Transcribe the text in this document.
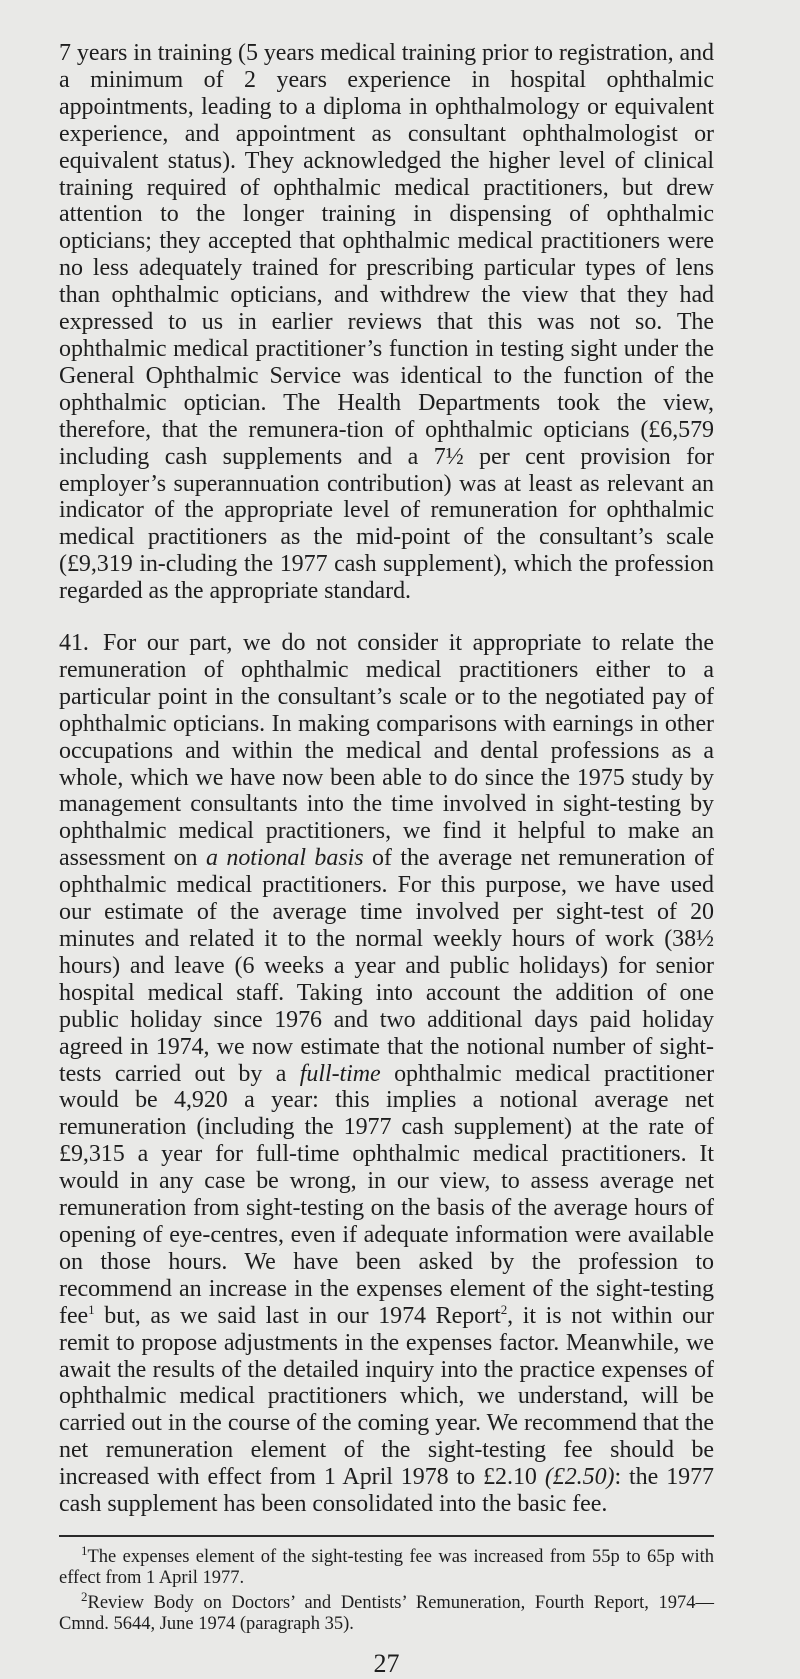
7 years in training (5 years medical training prior to registration, and a minimum of 2 years experience in hospital ophthalmic appointments, leading to a diploma in ophthalmology or equivalent experience, and appointment as consultant ophthalmologist or equivalent status). They acknowledged the higher level of clinical training required of ophthalmic medical practitioners, but drew attention to the longer training in dispensing of ophthalmic opticians; they accepted that ophthalmic medical practitioners were no less adequately trained for prescribing particular types of lens than ophthalmic opticians, and withdrew the view that they had expressed to us in earlier reviews that this was not so. The ophthalmic medical practitioner’s function in testing sight under the General Ophthalmic Service was identical to the function of the ophthalmic optician. The Health Departments took the view, therefore, that the remunera-tion of ophthalmic opticians (£6,579 including cash supplements and a 7½ per cent provision for employer’s superannuation contribution) was at least as relevant an indicator of the appropriate level of remuneration for ophthalmic medical practitioners as the mid-point of the consultant’s scale (£9,319 in-cluding the 1977 cash supplement), which the profession regarded as the appropriate standard.

41. For our part, we do not consider it appropriate to relate the remuneration of ophthalmic medical practitioners either to a particular point in the consultant’s scale or to the negotiated pay of ophthalmic opticians. In making comparisons with earnings in other occupations and within the medical and dental professions as a whole, which we have now been able to do since the 1975 study by management consultants into the time involved in sight-testing by ophthalmic medical practitioners, we find it helpful to make an assessment on a notional basis of the average net remuneration of ophthalmic medical practitioners. For this purpose, we have used our estimate of the average time involved per sight-test of 20 minutes and related it to the normal weekly hours of work (38½ hours) and leave (6 weeks a year and public holidays) for senior hospital medical staff. Taking into account the addition of one public holiday since 1976 and two additional days paid holiday agreed in 1974, we now estimate that the notional number of sight-tests carried out by a full-time ophthalmic medical practitioner would be 4,920 a year: this implies a notional average net remuneration (including the 1977 cash supplement) at the rate of £9,315 a year for full-time ophthalmic medical practitioners. It would in any case be wrong, in our view, to assess average net remuneration from sight-testing on the basis of the average hours of opening of eye-centres, even if adequate information were available on those hours. We have been asked by the profession to recommend an increase in the expenses element of the sight-testing fee$^1$ but, as we said last in our 1974 Report$^2$, it is not within our remit to propose adjustments in the expenses factor. Meanwhile, we await the results of the detailed inquiry into the practice expenses of ophthalmic medical practitioners which, we understand, will be carried out in the course of the coming year. We recommend that the net remuneration element of the sight-testing fee should be increased with effect from 1 April 1978 to £2.10 (£2.50): the 1977 cash supplement has been consolidated into the basic fee.

$^1$The expenses element of the sight-testing fee was increased from 55p to 65p with effect from 1 April 1977.

$^2$Review Body on Doctors’ and Dentists’ Remuneration, Fourth Report, 1974—Cmnd. 5644, June 1974 (paragraph 35).

27
